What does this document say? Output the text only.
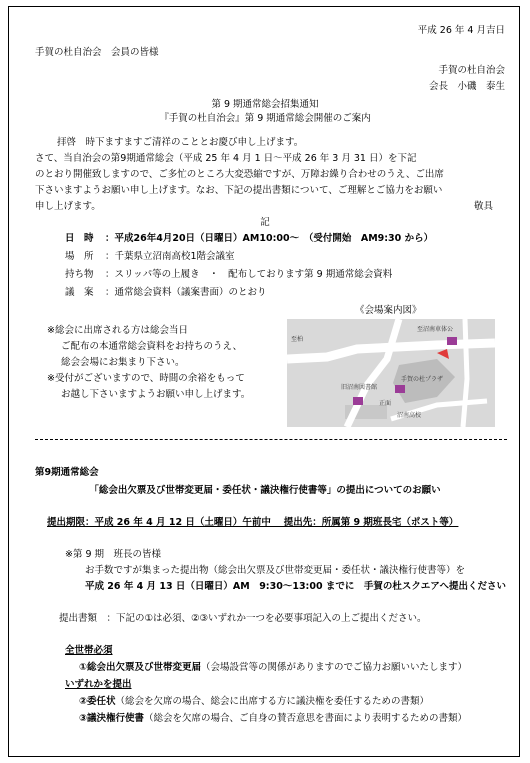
平成 26 年 4 月吉日
手賀の杜自治会　会員の皆様
手賀の杜自治会
会長　小磯　泰生
第 9 期通常総会招集通知
『手賀の杜自治会』第 9 期通常総会開催のご案内
拝啓　時下ますますご清祥のこととお慶び申し上げます。
さて、当自治会の第9期通常総会（平成 25 年 4 月 1 日～平成 26 年 3 月 31 日）を下記
のとおり開催致しますので、ご多忙のところ大変恐縮ですが、万障お繰り合わせのうえ、ご出席
下さいますようお願い申し上げます。なお、下記の提出書類について、ご理解とご協力をお願い
申し上げます。	敬具
記
日　時 ：平成26年4月20日（日曜日）AM10:00～　（受付開始　AM9:30 から）
場　所 ：千葉県立沼南高校1階会議室
持ち物 ：スリッパ等の上履き　・　配布しております第 9 期通常総会資料
議　案 ：通常総会資料（議案書面）のとおり
《会場案内図》
至柏
沼南高校
正面
旧沼南図書館
手賀の杜プラザ
至沼南車体公
※総会に出席される方は総会当日
ご配布の本通常総会資料をお持ちのうえ、
総会会場にお集まり下さい。
※受付がございますので、時間の余裕をもって
お越し下さいますようお願い申し上げます。
第9期通常総会
「総会出欠票及び世帯変更届・委任状・議決権行使書等」の提出についてのお願い
提出期限：平成 26 年 4 月 12 日（土曜日）午前中　 提出先：所属第 9 期班長宅（ポスト等）
※第 9 期　班長の皆様
お手数ですが集まった提出物（総会出欠票及び世帯変更届・委任状・議決権行使書等）を
平成 26 年 4 月 13 日（日曜日）AM　9:30～13:00 までに　手賀の杜スクエアへ提出ください
提出書類　：下記の①は必須、②③いずれか一つを必要事項記入の上ご提出ください。
全世帯必須
①総会出欠票及び世帯変更届（会場設営等の関係がありますのでご協力お願いいたします）
いずれかを提出
②委任状（総会を欠席の場合、総会に出席する方に議決権を委任するための書類）
③議決権行使書（総会を欠席の場合、ご自身の賛否意思を書面により表明するための書類）
